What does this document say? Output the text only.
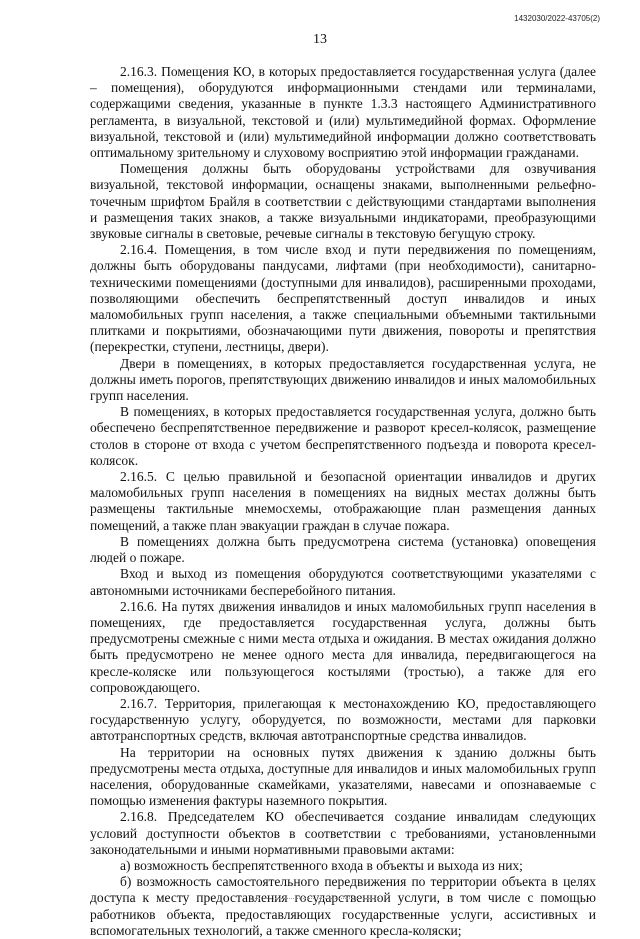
1432030/2022-43705(2)
13

2.16.3. Помещения КО, в которых предоставляется государственная услуга (далее – помещения), оборудуются информационными стендами или терминалами, содержащими сведения, указанные в пункте 1.3.3 настоящего Административного регламента, в визуальной, текстовой и (или) мультимедийной формах. Оформление визуальной, текстовой и (или) мультимедийной информации должно соответствовать оптимальному зрительному и слуховому восприятию этой информации гражданами.

Помещения должны быть оборудованы устройствами для озвучивания визуальной, текстовой информации, оснащены знаками, выполненными рельефно-точечным шрифтом Брайля в соответствии с действующими стандартами выполнения и размещения таких знаков, а также визуальными индикаторами, преобразующими звуковые сигналы в световые, речевые сигналы в текстовую бегущую строку.

2.16.4. Помещения, в том числе вход и пути передвижения по помещениям, должны быть оборудованы пандусами, лифтами (при необходимости), санитарно-техническими помещениями (доступными для инвалидов), расширенными проходами, позволяющими обеспечить беспрепятственный доступ инвалидов и иных маломобильных групп населения, а также специальными объемными тактильными плитками и покрытиями, обозначающими пути движения, повороты и препятствия (перекрестки, ступени, лестницы, двери).

Двери в помещениях, в которых предоставляется государственная услуга, не должны иметь порогов, препятствующих движению инвалидов и иных маломобильных групп населения.

В помещениях, в которых предоставляется государственная услуга, должно быть обеспечено беспрепятственное передвижение и разворот кресел-колясок, размещение столов в стороне от входа с учетом беспрепятственного подъезда и поворота кресел-колясок.

2.16.5. С целью правильной и безопасной ориентации инвалидов и других маломобильных групп населения в помещениях на видных местах должны быть размещены тактильные мнемосхемы, отображающие план размещения данных помещений, а также план эвакуации граждан в случае пожара.

В помещениях должна быть предусмотрена система (установка) оповещения людей о пожаре.

Вход и выход из помещения оборудуются соответствующими указателями с автономными источниками бесперебойного питания.

2.16.6. На путях движения инвалидов и иных маломобильных групп населения в помещениях, где предоставляется государственная услуга, должны быть предусмотрены смежные с ними места отдыха и ожидания. В местах ожидания должно быть предусмотрено не менее одного места для инвалида, передвигающегося на кресле-коляске или пользующегося костылями (тростью), а также для его сопровождающего.

2.16.7. Территория, прилегающая к местонахождению КО, предоставляющего государственную услугу, оборудуется, по возможности, местами для парковки автотранспортных средств, включая автотранспортные средства инвалидов.

На территории на основных путях движения к зданию должны быть предусмотрены места отдыха, доступные для инвалидов и иных маломобильных групп населения, оборудованные скамейками, указателями, навесами и опознаваемые с помощью изменения фактуры наземного покрытия.

2.16.8. Председателем КО обеспечивается создание инвалидам следующих условий доступности объектов в соответствии с требованиями, установленными законодательными и иными нормативными правовыми актами:

а) возможность беспрепятственного входа в объекты и выхода из них;

б) возможность самостоятельного передвижения по территории объекта в целях доступа к месту предоставления государственной услуги, в том числе с помощью работников объекта, предоставляющих государственные услуги, ассистивных и вспомогательных технологий, а также сменного кресла-коляски;
